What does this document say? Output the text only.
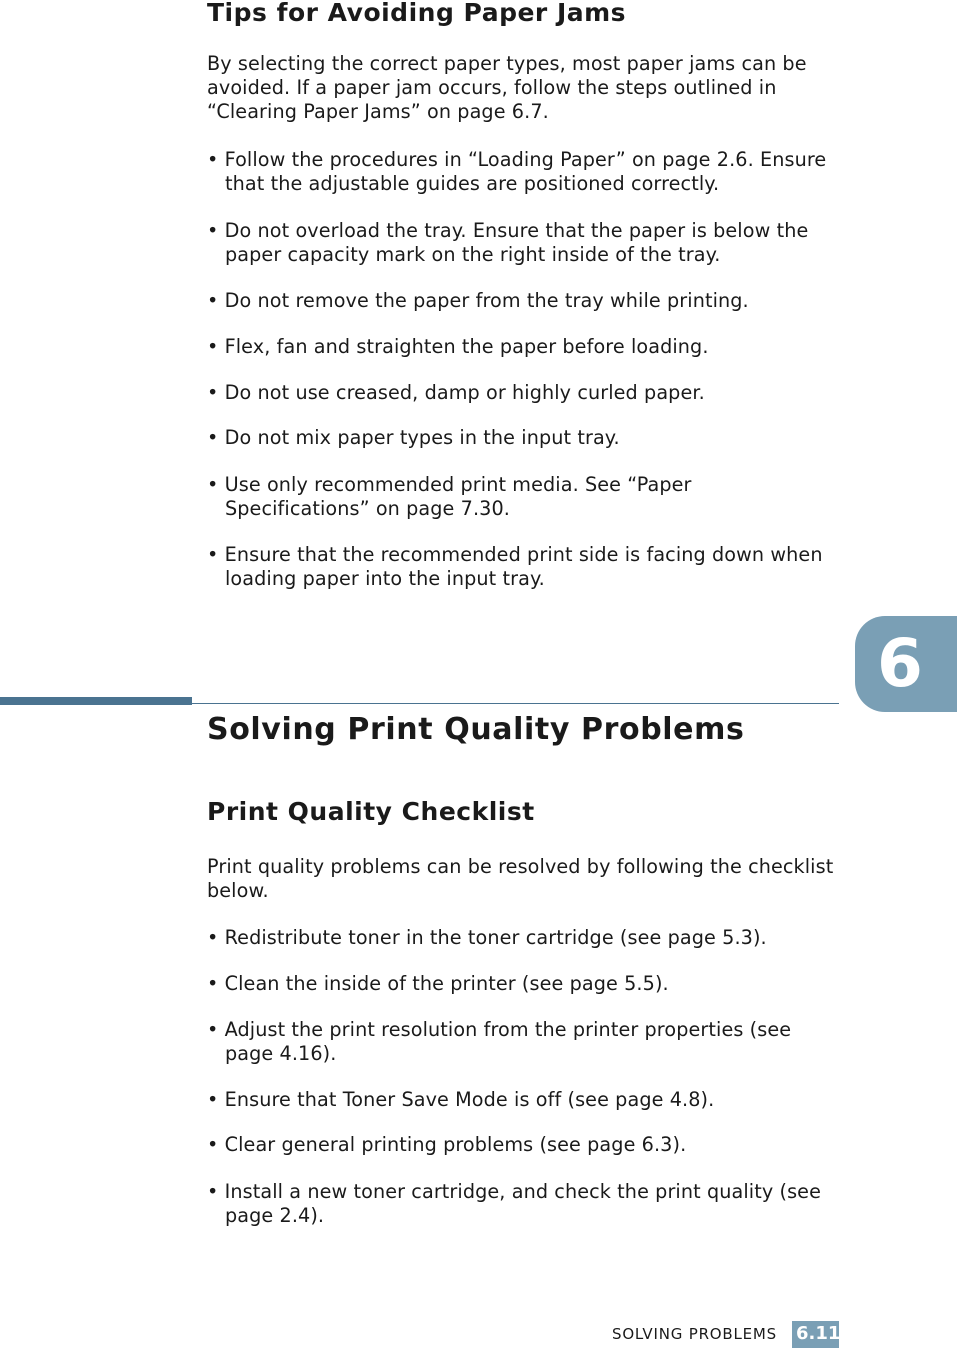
Tips for Avoiding Paper Jams

By selecting the correct paper types, most paper jams can be avoided. If a paper jam occurs, follow the steps outlined in “Clearing Paper Jams” on page 6.7.

• Follow the procedures in “Loading Paper” on page 2.6. Ensure that the adjustable guides are positioned correctly.

• Do not overload the tray. Ensure that the paper is below the paper capacity mark on the right inside of the tray.

• Do not remove the paper from the tray while printing.

• Flex, fan and straighten the paper before loading.

• Do not use creased, damp or highly curled paper.

• Do not mix paper types in the input tray.

• Use only recommended print media. See “Paper Specifications” on page 7.30.

• Ensure that the recommended print side is facing down when loading paper into the input tray.

6
Solving Print Quality Problems
Print Quality Checklist

Print quality problems can be resolved by following the checklist below.

• Redistribute toner in the toner cartridge (see page 5.3).

• Clean the inside of the printer (see page 5.5).

• Adjust the print resolution from the printer properties (see page 4.16).

• Ensure that Toner Save Mode is off (see page 4.8).

• Clear general printing problems (see page 6.3).

• Install a new toner cartridge, and check the print quality (see page 2.4).

SOLVING PROBLEMS 6.11
